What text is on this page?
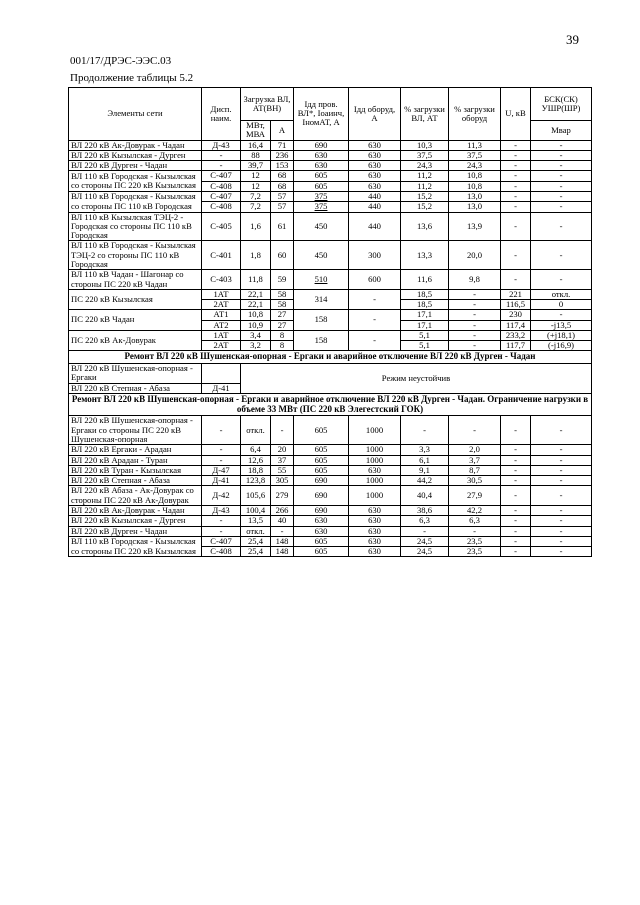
39
001/17/ДРЭС-ЭЭС.03
Продолжение таблицы 5.2
Элементы сети	Дисп. наим.	Загрузка ВЛ, АТ(ВН)		Iдд пров. ВЛ*, Iоаинч, IномАТ, А	Iдд оборуд, А	% загрузки ВЛ, АТ	% загрузки оборуд	U, кВ	БСК(СК) УШР(ШР)
		МВт, МВА	А						Мвар
ВЛ 220 кВ Ак-Довурак - Чадан	Д-43	16,4	71	690	630	10,3	11,3	-	-
ВЛ 220 кВ Кызылская - Дурген	-	88	236	630	630	37,5	37,5	-	-
ВЛ 220 кВ Дурген - Чадан	-	39,7	153	630	630	24,3	24,3	-	-
ВЛ 110 кВ Городская - Кызылская со стороны ПС 220 кВ Кызылская	С-407	12	68	605	630	11,2	10,8	-	-
	С-408	12	68	605	630	11,2	10,8	-	-
ВЛ 110 кВ Городская - Кызылская со стороны ПС 110 кВ Городская	С-407	7,2	57	375	440	15,2	13,0	-	-
	С-408	7,2	57	375	440	15,2	13,0	-	-
ВЛ 110 кВ Кызылская ТЭЦ-2 - Городская со стороны ПС 110 кВ Городская	С-405	1,6	61	450	440	13,6	13,9	-	-
ВЛ 110 кВ Городская - Кызылская ТЭЦ-2 со стороны ПС 110 кВ Городская	С-401	1,8	60	450	300	13,3	20,0	-	-
ВЛ 110 кВ Чадан - Шагонар со стороны ПС 220 кВ Чадан	С-403	11,8	59	510	600	11,6	9,8	-	-
ПС 220 кВ Кызылская	1АТ	22,1	58	314	-	18,5	-	221	откл.
	2АТ	22,1	58			18,5	-	116,5	0
ПС 220 кВ Чадан	АТ1	10,8	27	158	-	17,1	-	230	-
	АТ2	10,9	27			17,1	-	117,4	-j13,5
ПС 220 кВ Ак-Довурак	1АТ	3,4	8	158	-	5,1	-	233,2	(+j18,1)
	2АТ	3,2	8			5,1	-	117,7	(-j16,9)
Ремонт ВЛ 220 кВ Шушенская-опорная - Ергаки и аварийное отключение ВЛ 220 кВ Дурген - Чадан									
ВЛ 220 кВ Шушенская-опорная - Ергаки		Режим неустойчив							
ВЛ 220 кВ Степная - Абаза	Д-41								
Ремонт ВЛ 220 кВ Шушенская-опорная - Ергаки и аварийное отключение ВЛ 220 кВ Дурген - Чадан. Ограничение нагрузки в объеме 33 МВт (ПС 220 кВ Элегестский ГОК)									
ВЛ 220 кВ Шушенская-опорная - Ергаки со стороны ПС 220 кВ Шушенская-опорная	-	откл.	-	605	1000	-	-	-	-
ВЛ 220 кВ Ергаки - Арадан	-	6,4	20	605	1000	3,3	2,0	-	-
ВЛ 220 кВ Арадан - Туран	-	12,6	37	605	1000	6,1	3,7	-	-
ВЛ 220 кВ Туран - Кызылская	Д-47	18,8	55	605	630	9,1	8,7	-	-
ВЛ 220 кВ Степная - Абаза	Д-41	123,8	305	690	1000	44,2	30,5	-	-
ВЛ 220 кВ Абаза - Ак-Довурак со стороны ПС 220 кВ Ак-Довурак	Д-42	105,6	279	690	1000	40,4	27,9	-	-
ВЛ 220 кВ Ак-Довурак - Чадан	Д-43	100,4	266	690	630	38,6	42,2	-	-
ВЛ 220 кВ Кызылская - Дурген	-	13,5	40	630	630	6,3	6,3	-	-
ВЛ 220 кВ Дурген - Чадан	-	откл.	-	630	630	-	-	-	-
ВЛ 110 кВ Городская - Кызылская со стороны ПС 220 кВ Кызылская	С-407	25,4	148	605	630	24,5	23,5	-	-
	С-408	25,4	148	605	630	24,5	23,5	-	-
